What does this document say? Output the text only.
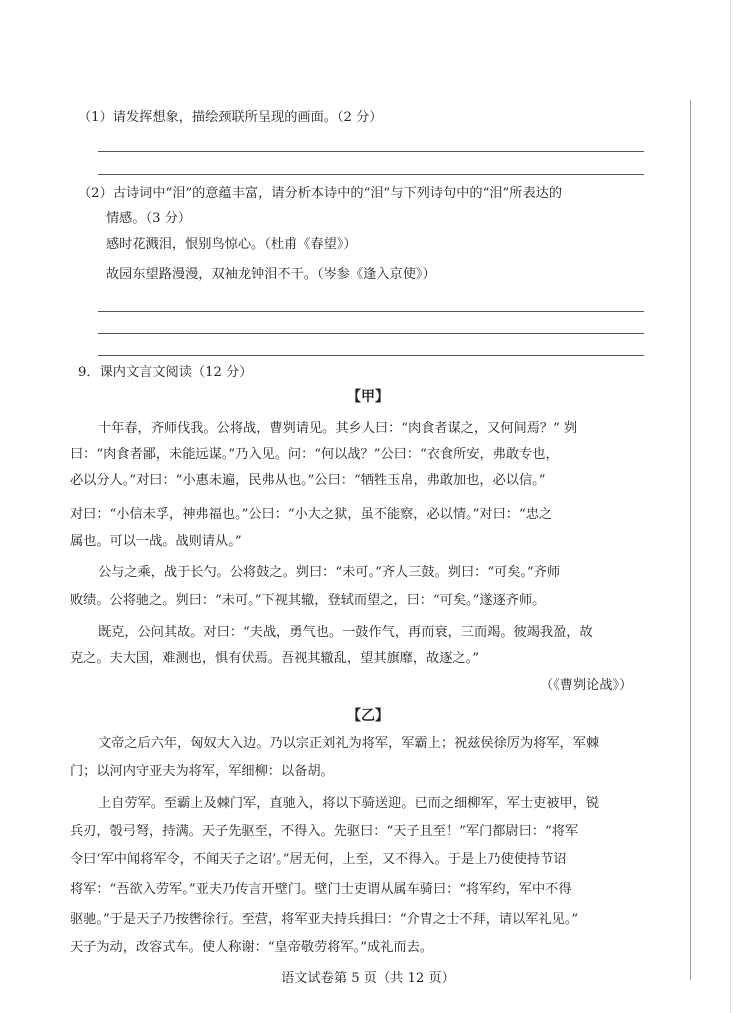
（1）请发挥想象，描绘颈联所呈现的画面。（2 分）
（2）古诗词中“泪”的意蕴丰富，请分析本诗中的“泪”与下列诗句中的“泪”所表达的
情感。（3 分）
感时花溅泪，恨别鸟惊心。（杜甫《春望》）
故园东望路漫漫，双袖龙钟泪不干。（岑参《逢入京使》）
9．课内文言文阅读（12 分）
【甲】
十年春，齐师伐我。公将战，曹刿请见。其乡人曰：“肉食者谋之，又何间焉？” 刿
曰：“肉食者鄙，未能远谋。”乃入见。问：“何以战？”公曰：“衣食所安，弗敢专也，
必以分人。”对曰：“小惠未遍，民弗从也。”公曰：“牺牲玉帛，弗敢加也，必以信。”
对曰：“小信未孚，神弗福也。”公曰：“小大之狱，虽不能察，必以情。”对曰：“忠之
属也。可以一战。战则请从。”
公与之乘，战于长勺。公将鼓之。刿曰：“未可。”齐人三鼓。刿曰：“可矣。”齐师
败绩。公将驰之。刿曰：“未可。”下视其辙，登轼而望之，曰：“可矣。”遂逐齐师。
既克，公问其故。对曰：“夫战，勇气也。一鼓作气，再而衰，三而竭。彼竭我盈，故
克之。夫大国，难测也，惧有伏焉。吾视其辙乱，望其旗靡，故逐之。”
（《曹刿论战》）
【乙】
文帝之后六年，匈奴大入边。乃以宗正刘礼为将军，军霸上；祝兹侯徐厉为将军，军棘
门；以河内守亚夫为将军，军细柳：以备胡。
上自劳军。至霸上及棘门军，直驰入，将以下骑送迎。已而之细柳军，军士吏被甲，锐
兵刃，彀弓弩，持满。天子先驱至，不得入。先驱曰：“天子且至！”军门都尉曰：“将军
令曰‘军中闻将军令，不闻天子之诏’。”居无何，上至，又不得入。于是上乃使使持节诏
将军：“吾欲入劳军。”亚夫乃传言开壁门。壁门士吏谓从属车骑曰：“将军约，军中不得
驱驰。”于是天子乃按辔徐行。至营，将军亚夫持兵揖曰：“介胄之士不拜，请以军礼见。”
天子为动，改容式车。使人称谢：“皇帝敬劳将军。”成礼而去。
语文试卷第 5 页（共 12 页）
